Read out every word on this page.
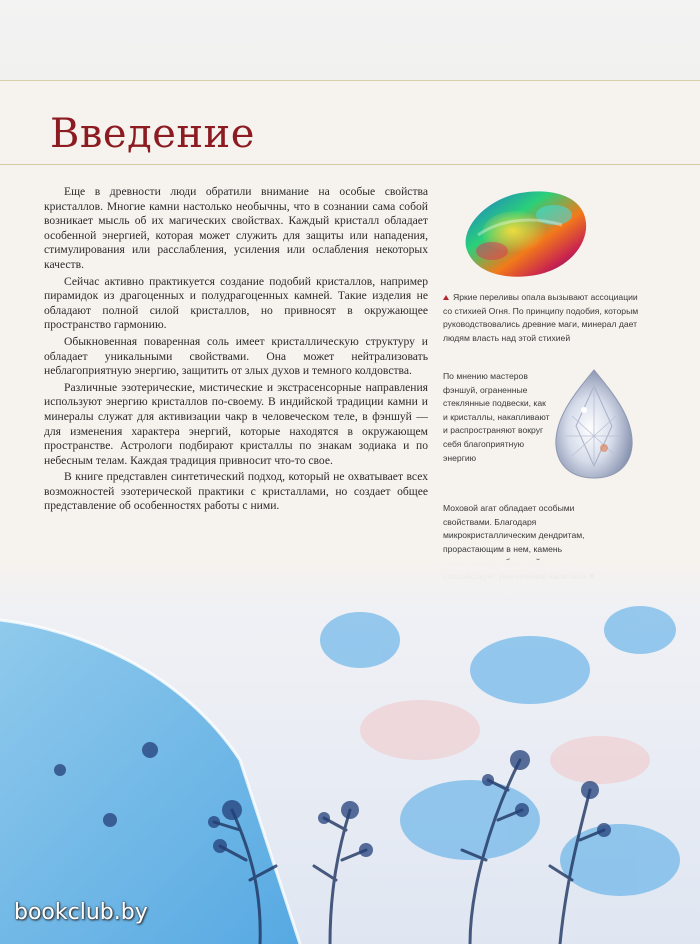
Введение

Еще в древности люди обратили внимание на особые свойства кристаллов. Многие камни настолько необычны, что в сознании сама собой возникает мысль об их магических свойствах. Каждый кристалл обладает особенной энергией, которая может служить для защиты или нападения, стимулирования или расслабления, усиления или ослабления некоторых качеств.

Сейчас активно практикуется создание подобий кристаллов, например пирамидок из драгоценных и полудрагоценных камней. Такие изделия не обладают полной силой кристаллов, но привносят в окружающее пространство гармонию.

Обыкновенная поваренная соль имеет кристаллическую структуру и обладает уникальными свойствами. Она может нейтрализовать неблагоприятную энергию, защитить от злых духов и темного колдовства.

Различные эзотерические, мистические и экстрасенсорные направления используют энергию кристаллов по-своему. В индийской традиции камни и минералы служат для активизации чакр в человеческом теле, в фэншуй — для изменения характера энергий, которые находятся в окружающем пространстве. Астрологи подбирают кристаллы по знакам зодиака и по небесным телам. Каждая традиция привносит что-то свое.

В книге представлен синтетический подход, который не охватывает всех возможностей эзотерической практики с кристаллами, но создает общее представление об особенностях работы с ними.

Яркие переливы опала вызывают ассоциации со стихией Огня. По принципу подобия, которым руководствовались древние маги, минерал дает людям власть над этой стихией

По мнению мастеров фэншуй, ограненные стеклянные подвески, как и кристаллы, накапливают и распространяют вокруг себя благоприятную энергию

Моховой агат обладает особыми свойствами. Благодаря микрокристаллическим дендритам, прорастающим в нем, камень

bookclub.by
